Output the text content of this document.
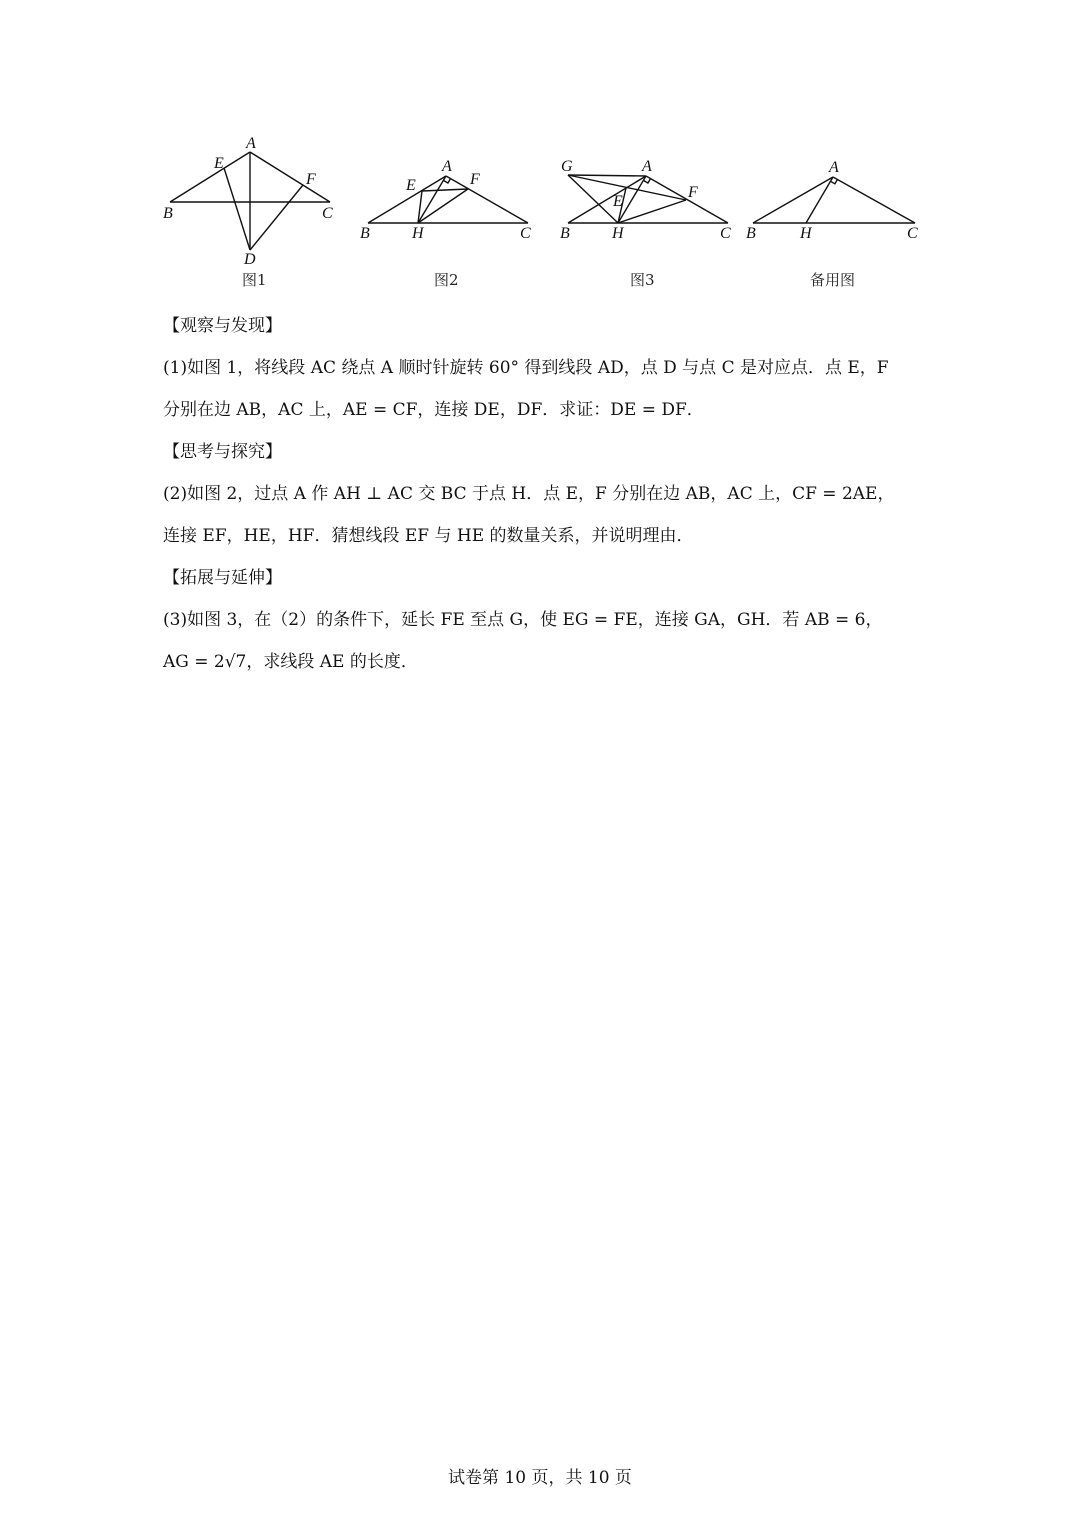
A
E
F
B	C
D
图1
A
E	F
B	H	C
图2
G	A
F
E
B	H	C
图3
A
B	H	C
备用图

【观察与发现】

(1)如图 1，将线段 AC 绕点 A 顺时针旋转 60° 得到线段 AD，点 D 与点 C 是对应点．点 E，F

分别在边 AB，AC 上，AE = CF，连接 DE，DF．求证：DE = DF．

【思考与探究】

(2)如图 2，过点 A 作 AH ⊥ AC 交 BC 于点 H．点 E，F 分别在边 AB，AC 上，CF = 2AE，

连接 EF，HE，HF．猜想线段 EF 与 HE 的数量关系，并说明理由．

【拓展与延伸】

(3)如图 3，在（2）的条件下，延长 FE 至点 G，使 EG = FE，连接 GA，GH．若 AB = 6，

AG = 2√7，求线段 AE 的长度．

试卷第 10 页，共 10 页
